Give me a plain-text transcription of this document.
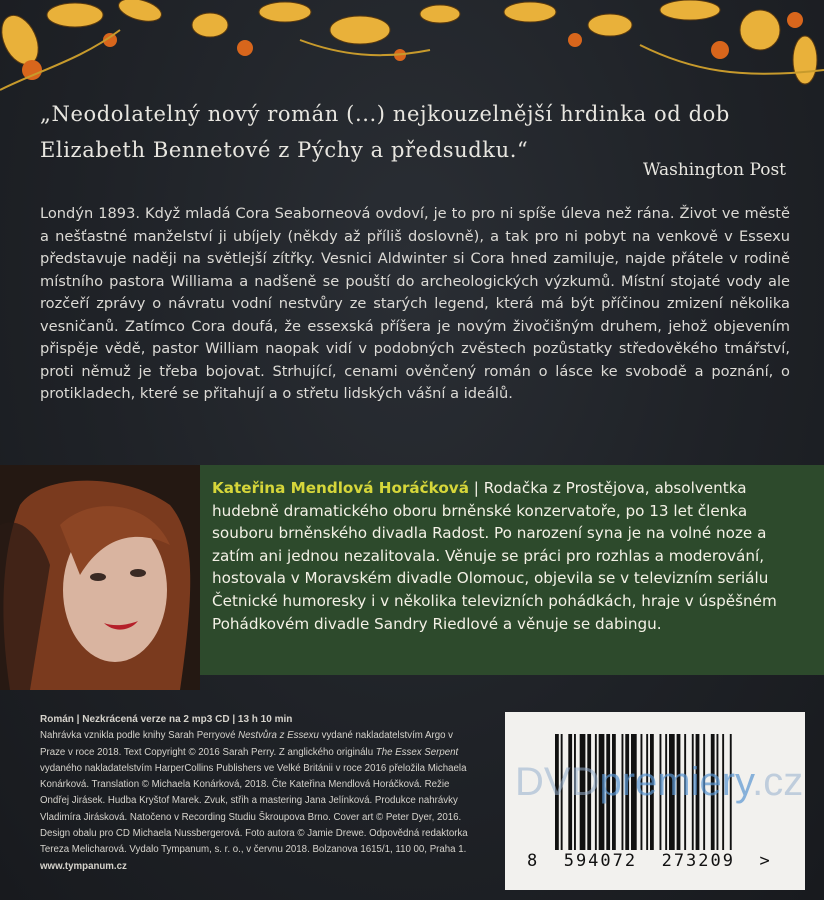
„Neodolatelný nový román (...) nejkouzelnější hrdinka od dob Elizabeth Bennetové z Pýchy a předsudku.“
Washington Post
Londýn 1893. Když mladá Cora Seaborneová ovdoví, je to pro ni spíše úleva než rána. Život ve městě a nešťastné manželství ji ubíjely (někdy až příliš doslovně), a tak pro ni pobyt na venkově v Essexu představuje naději na světlejší zítřky. Vesnici Aldwinter si Cora hned zamiluje, najde přátele v rodině místního pastora Williama a nadšeně se pouští do archeologických výzkumů. Místní stojaté vody ale rozčeří zprávy o návratu vodní nestvůry ze starých legend, která má být příčinou zmizení několika vesničanů. Zatímco Cora doufá, že essexská příšera je novým živočišným druhem, jehož objevením přispěje vědě, pastor William naopak vidí v podobných zvěstech pozůstatky středověkého tmářství, proti němuž je třeba bojovat. Strhující, cenami ověnčený román o lásce ke svobodě a poznání, o protikladech, které se přitahují a o střetu lidských vášní a ideálů.
Kateřina Mendlová Horáčková | Rodačka z Prostějova, absolventka hudebně dramatického oboru brněnské konzervatoře, po 13 let členka souboru brněnského divadla Radost. Po narození syna je na volné noze a zatím ani jednou nezalitovala. Věnuje se práci pro rozhlas a moderování, hostovala v Moravském divadle Olomouc, objevila se v televizním seriálu Četnické humoresky i v několika televizních pohádkách, hraje v úspěšném Pohádkovém divadle Sandry Riedlové a věnuje se dabingu.
Román | Nezkrácená verze na 2 mp3 CD | 13 h 10 min
Nahrávka vznikla podle knihy Sarah Perryové Nestvůra z Essexu vydané nakladatelstvím Argo v Praze v roce 2018. Text Copyright © 2016 Sarah Perry. Z anglického originálu The Essex Serpent vydaného nakladatelstvím HarperCollins Publishers ve Velké Británii v roce 2016 přeložila Michaela Konárková. Translation © Michaela Konárková, 2018. Čte Kateřina Mendlová Horáčková. Režie Ondřej Jirásek. Hudba Kryštof Marek. Zvuk, střih a mastering Jana Jelínková. Produkce nahrávky Vladimíra Jirásková. Natočeno v Recording Studiu Škroupova Brno. Cover art © Peter Dyer, 2016. Design obalu pro CD Michaela Nussbergerová. Foto autora © Jamie Drewe. Odpovědná redaktorka Tereza Melicharová. Vydalo Tympanum, s. r. o., v červnu 2018. Bolzanova 1615/1, 110 00, Praha 1. www.tympanum.cz	8  594072  273209  >
DVDpremiery.cz
